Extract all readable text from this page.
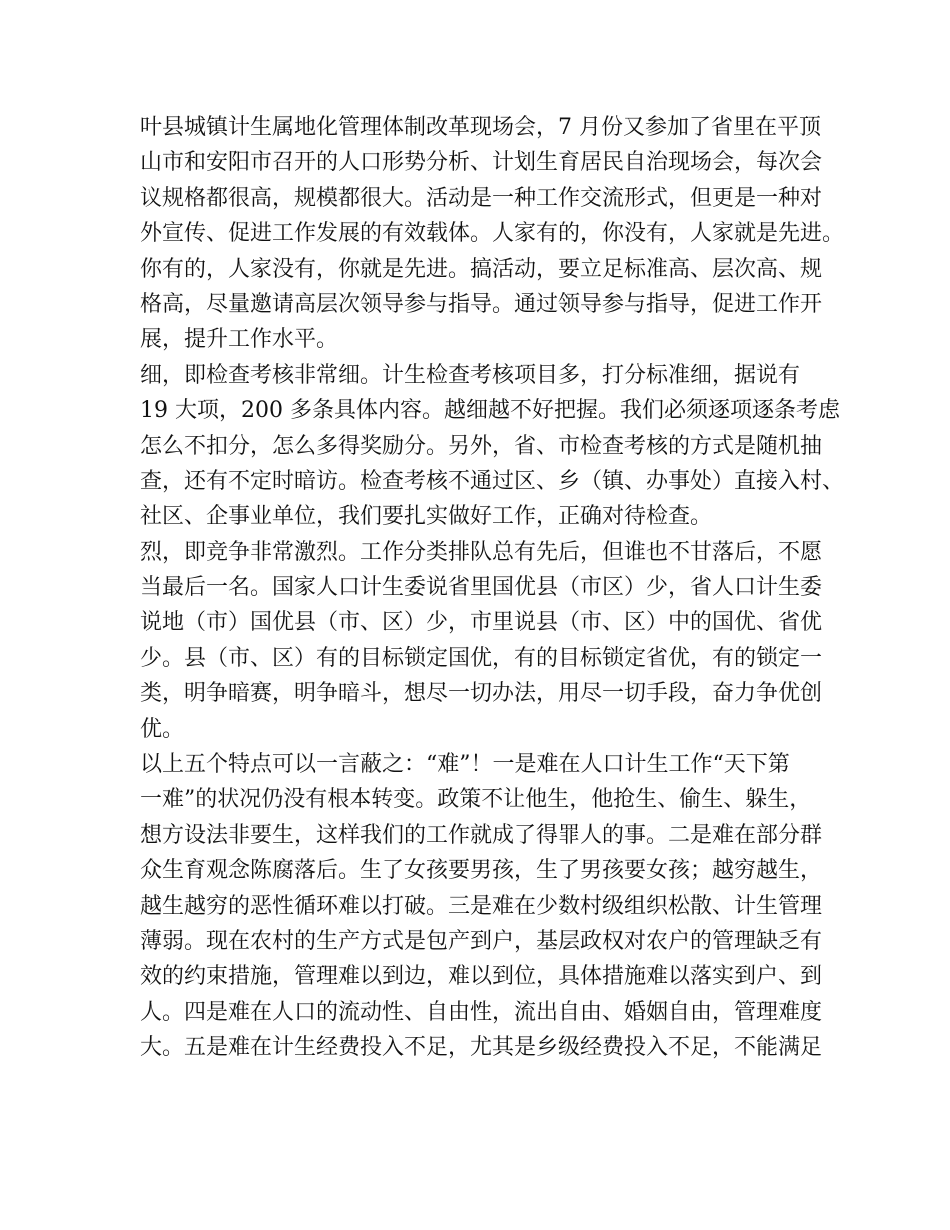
叶县城镇计生属地化管理体制改革现场会，7 月份又参加了省里在平顶
山市和安阳市召开的人口形势分析、计划生育居民自治现场会，每次会
议规格都很高，规模都很大。活动是一种工作交流形式，但更是一种对
外宣传、促进工作发展的有效载体。人家有的，你没有，人家就是先进。
你有的，人家没有，你就是先进。搞活动，要立足标准高、层次高、规
格高，尽量邀请高层次领导参与指导。通过领导参与指导，促进工作开
展，提升工作水平。
细，即检查考核非常细。计生检查考核项目多，打分标准细，据说有
19 大项，200 多条具体内容。越细越不好把握。我们必须逐项逐条考虑
怎么不扣分，怎么多得奖励分。另外，省、市检查考核的方式是随机抽
查，还有不定时暗访。检查考核不通过区、乡（镇、办事处）直接入村、
社区、企事业单位，我们要扎实做好工作，正确对待检查。
烈，即竞争非常激烈。工作分类排队总有先后，但谁也不甘落后，不愿
当最后一名。国家人口计生委说省里国优县（市区）少，省人口计生委
说地（市）国优县（市、区）少，市里说县（市、区）中的国优、省优
少。县（市、区）有的目标锁定国优，有的目标锁定省优，有的锁定一
类，明争暗赛，明争暗斗，想尽一切办法，用尽一切手段，奋力争优创
优。
以上五个特点可以一言蔽之：“难”！一是难在人口计生工作“天下第
一难”的状况仍没有根本转变。政策不让他生，他抢生、偷生、躲生，
想方设法非要生，这样我们的工作就成了得罪人的事。二是难在部分群
众生育观念陈腐落后。生了女孩要男孩，生了男孩要女孩；越穷越生，
越生越穷的恶性循环难以打破。三是难在少数村级组织松散、计生管理
薄弱。现在农村的生产方式是包产到户，基层政权对农户的管理缺乏有
效的约束措施，管理难以到边，难以到位，具体措施难以落实到户、到
人。四是难在人口的流动性、自由性，流出自由、婚姻自由，管理难度
大。五是难在计生经费投入不足，尤其是乡级经费投入不足，不能满足
